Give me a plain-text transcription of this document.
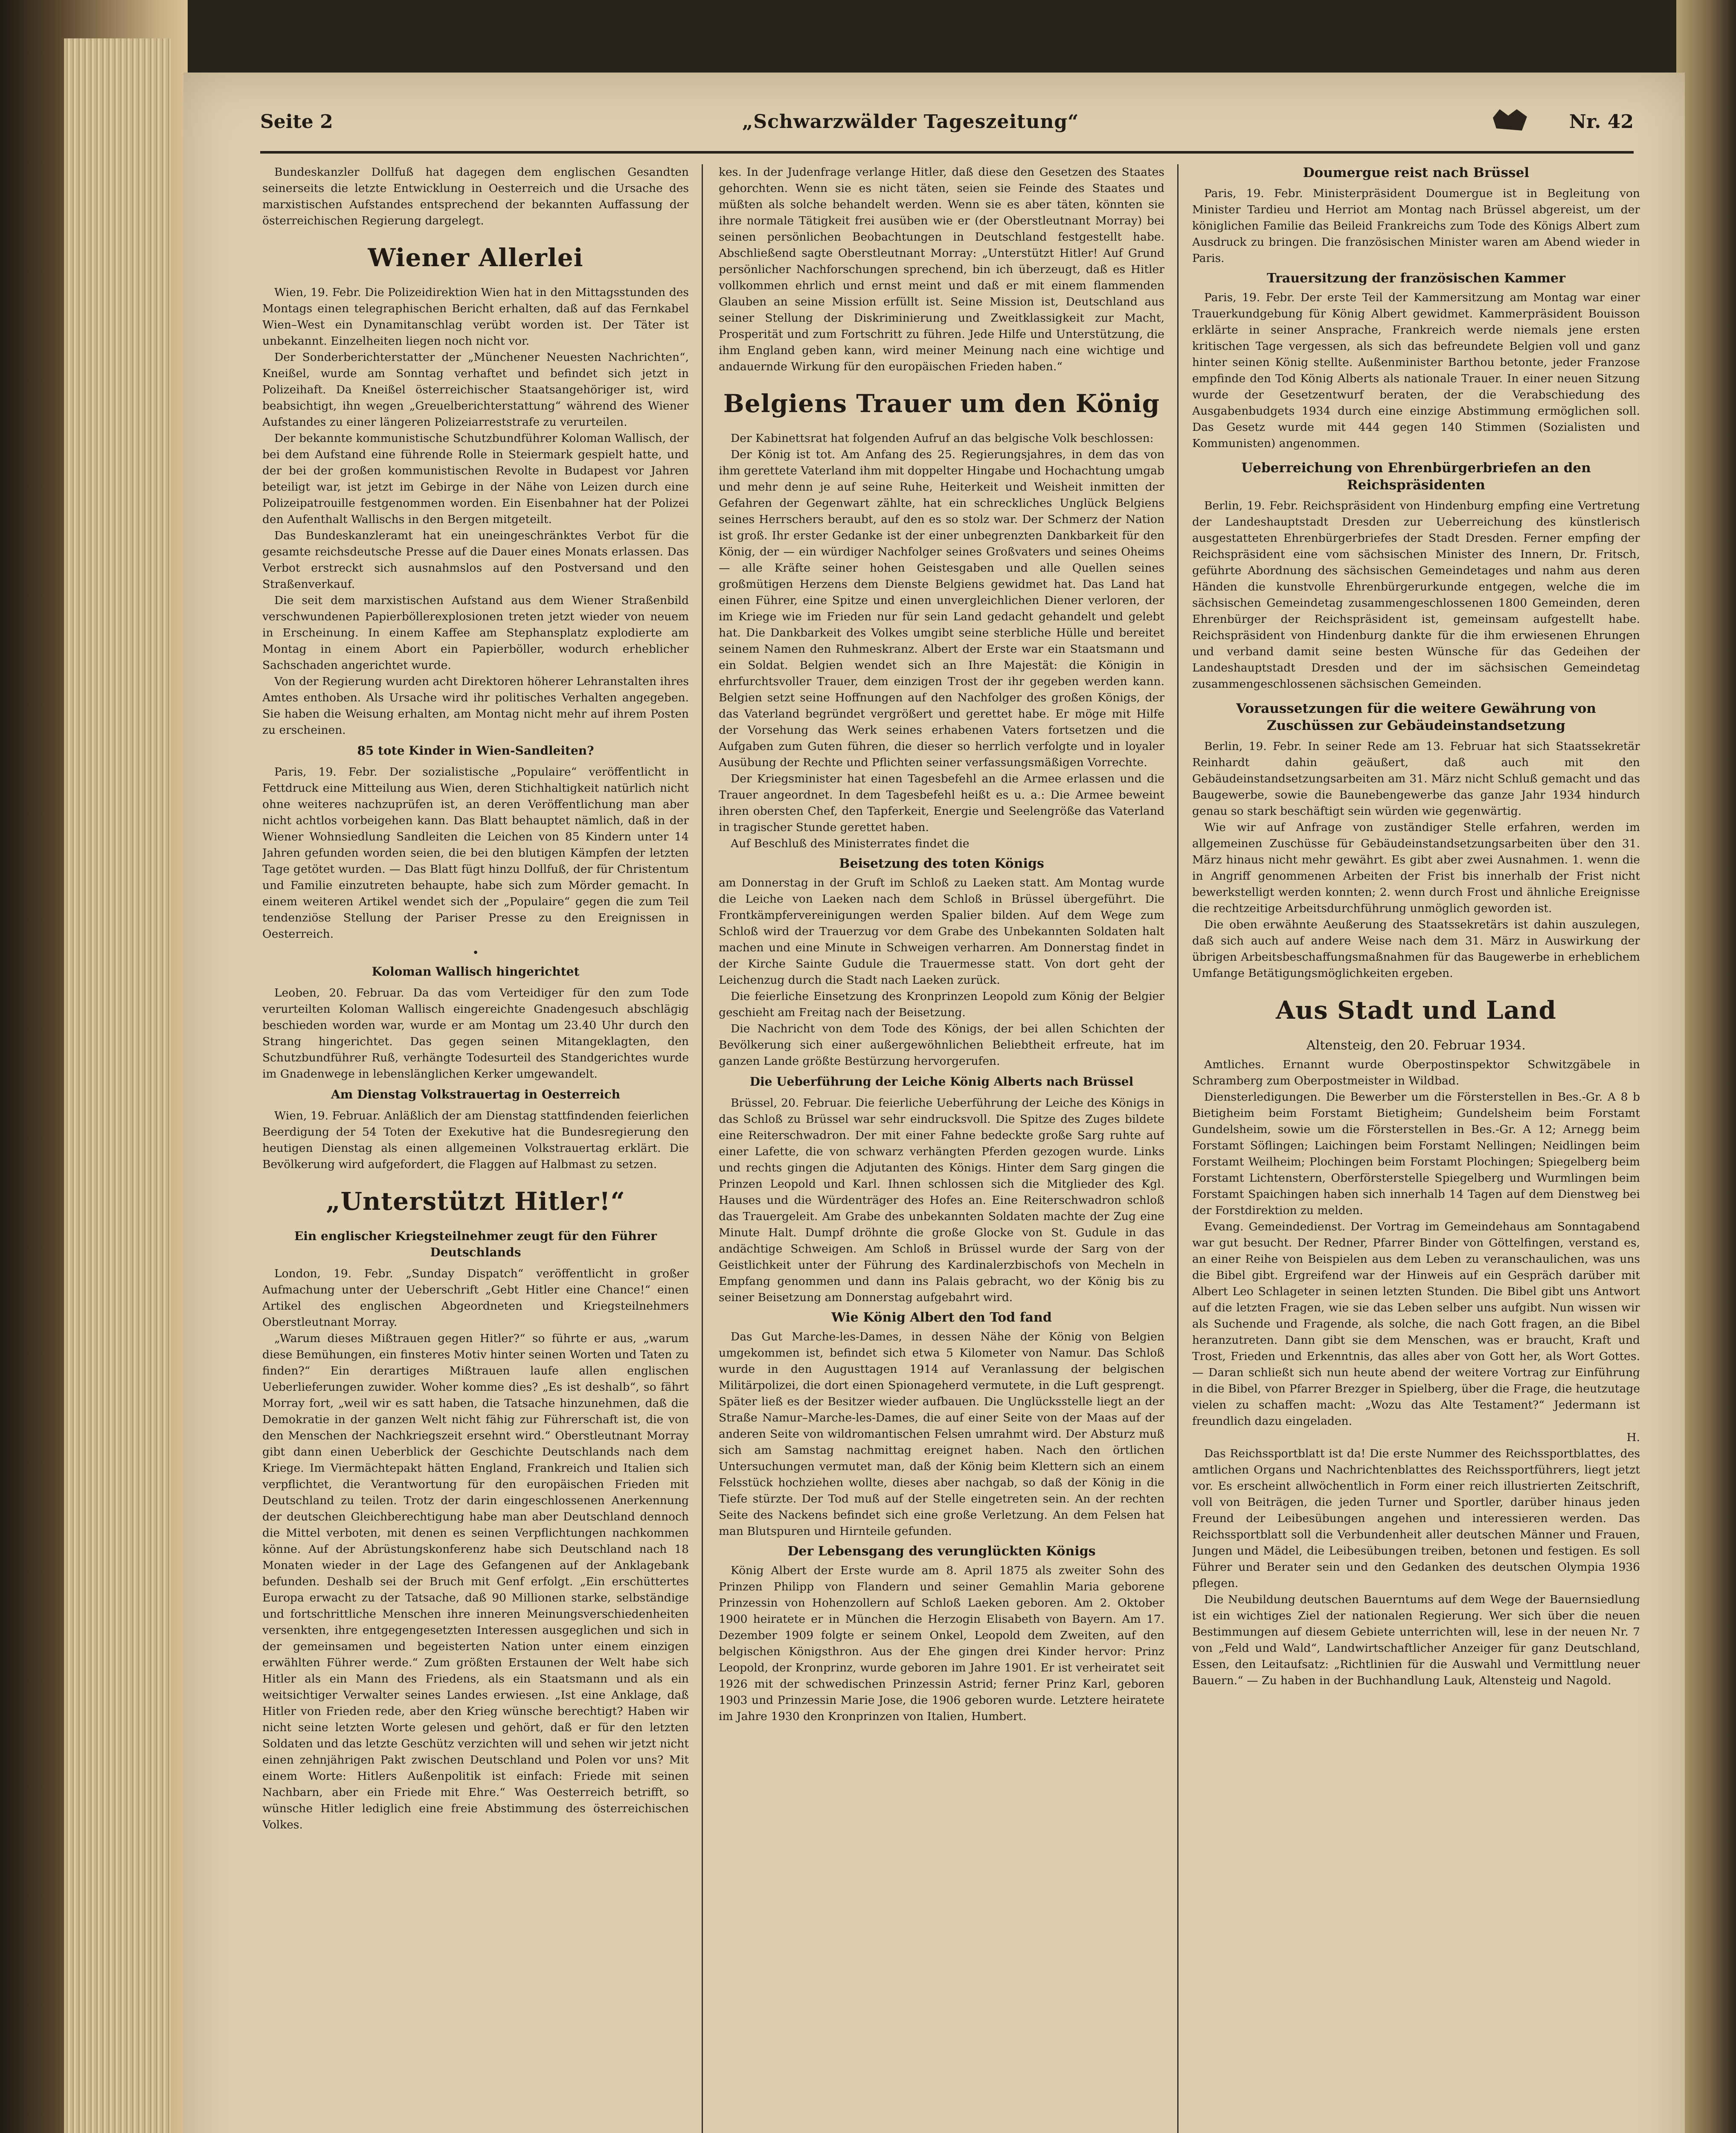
Seite 2	„Schwarzwälder Tageszeitung“	Nr. 42

Bundeskanzler Dollfuß hat dagegen dem englischen Gesandten seinerseits die letzte Entwicklung in Oesterreich und die Ursache des marxistischen Aufstandes entsprechend der bekannten Auffassung der österreichischen Regierung dargelegt.

Wiener Allerlei

Wien, 19. Febr. Die Polizeidirektion Wien hat in den Mittagsstunden des Montags einen telegraphischen Bericht erhalten, daß auf das Fernkabel Wien–West ein Dynamitanschlag verübt worden ist. Der Täter ist unbekannt. Einzelheiten liegen noch nicht vor.

Der Sonderberichterstatter der „Münchener Neuesten Nachrichten“, Kneißel, wurde am Sonntag verhaftet und befindet sich jetzt in Polizeihaft. Da Kneißel österreichischer Staatsangehöriger ist, wird beabsichtigt, ihn wegen „Greuelberichterstattung“ während des Wiener Aufstandes zu einer längeren Polizeiarreststrafe zu verurteilen.

Der bekannte kommunistische Schutzbundführer Koloman Wallisch, der bei dem Aufstand eine führende Rolle in Steiermark gespielt hatte, und der bei der großen kommunistischen Revolte in Budapest vor Jahren beteiligt war, ist jetzt im Gebirge in der Nähe von Leizen durch eine Polizeipatrouille festgenommen worden. Ein Eisenbahner hat der Polizei den Aufenthalt Wallischs in den Bergen mitgeteilt.

Das Bundeskanzleramt hat ein uneingeschränktes Verbot für die gesamte reichsdeutsche Presse auf die Dauer eines Monats erlassen. Das Verbot erstreckt sich ausnahmslos auf den Postversand und den Straßenverkauf.

Die seit dem marxistischen Aufstand aus dem Wiener Straßenbild verschwundenen Papierböllerexplosionen treten jetzt wieder von neuem in Erscheinung. In einem Kaffee am Stephansplatz explodierte am Montag in einem Abort ein Papierböller, wodurch erheblicher Sachschaden angerichtet wurde.

Von der Regierung wurden acht Direktoren höherer Lehranstalten ihres Amtes enthoben. Als Ursache wird ihr politisches Verhalten angegeben. Sie haben die Weisung erhalten, am Montag nicht mehr auf ihrem Posten zu erscheinen.

85 tote Kinder in Wien-Sandleiten?

Paris, 19. Febr. Der sozialistische „Populaire“ veröffentlicht in Fettdruck eine Mitteilung aus Wien, deren Stichhaltigkeit natürlich nicht ohne weiteres nachzuprüfen ist, an deren Veröffentlichung man aber nicht achtlos vorbeigehen kann. Das Blatt behauptet nämlich, daß in der Wiener Wohnsiedlung Sandleiten die Leichen von 85 Kindern unter 14 Jahren gefunden worden seien, die bei den blutigen Kämpfen der letzten Tage getötet wurden. — Das Blatt fügt hinzu Dollfuß, der für Christentum und Familie einzutreten behaupte, habe sich zum Mörder gemacht. In einem weiteren Artikel wendet sich der „Populaire“ gegen die zum Teil tendenziöse Stellung der Pariser Presse zu den Ereignissen in Oesterreich.

•
Koloman Wallisch hingerichtet

Leoben, 20. Februar. Da das vom Verteidiger für den zum Tode verurteilten Koloman Wallisch eingereichte Gnadengesuch abschlägig beschieden worden war, wurde er am Montag um 23.40 Uhr durch den Strang hingerichtet. Das gegen seinen Mitangeklagten, den Schutzbundführer Ruß, verhängte Todesurteil des Standgerichtes wurde im Gnadenwege in lebenslänglichen Kerker umgewandelt.

Am Dienstag Volkstrauertag in Oesterreich

Wien, 19. Februar. Anläßlich der am Dienstag stattfindenden feierlichen Beerdigung der 54 Toten der Exekutive hat die Bundesregierung den heutigen Dienstag als einen allgemeinen Volkstrauertag erklärt. Die Bevölkerung wird aufgefordert, die Flaggen auf Halbmast zu setzen.

„Unterstützt Hitler!“
Ein englischer Kriegsteilnehmer zeugt für den Führer Deutschlands

London, 19. Febr. „Sunday Dispatch“ veröffentlicht in großer Aufmachung unter der Ueberschrift „Gebt Hitler eine Chance!“ einen Artikel des englischen Abgeordneten und Kriegsteilnehmers Oberstleutnant Morray.

„Warum dieses Mißtrauen gegen Hitler?“ so führte er aus, „warum diese Bemühungen, ein finsteres Motiv hinter seinen Worten und Taten zu finden?“ Ein derartiges Mißtrauen laufe allen englischen Ueberlieferungen zuwider. Woher komme dies? „Es ist deshalb“, so fährt Morray fort, „weil wir es satt haben, die Tatsache hinzunehmen, daß die Demokratie in der ganzen Welt nicht fähig zur Führerschaft ist, die von den Menschen der Nachkriegszeit ersehnt wird.“ Oberstleutnant Morray gibt dann einen Ueberblick der Geschichte Deutschlands nach dem Kriege. Im Viermächtepakt hätten England, Frankreich und Italien sich verpflichtet, die Verantwortung für den europäischen Frieden mit Deutschland zu teilen. Trotz der darin eingeschlossenen Anerkennung der deutschen Gleichberechtigung habe man aber Deutschland dennoch die Mittel verboten, mit denen es seinen Verpflichtungen nachkommen könne. Auf der Abrüstungskonferenz habe sich Deutschland nach 18 Monaten wieder in der Lage des Gefangenen auf der Anklagebank befunden. Deshalb sei der Bruch mit Genf erfolgt. „Ein erschüttertes Europa erwacht zu der Tatsache, daß 90 Millionen starke, selbständige und fortschrittliche Menschen ihre inneren Meinungsverschiedenheiten versenkten, ihre entgegengesetzten Interessen ausgeglichen und sich in der gemeinsamen und begeisterten Nation unter einem einzigen erwählten Führer werde.“ Zum größten Erstaunen der Welt habe sich Hitler als ein Mann des Friedens, als ein Staatsmann und als ein weitsichtiger Verwalter seines Landes erwiesen. „Ist eine Anklage, daß Hitler von Frieden rede, aber den Krieg wünsche berechtigt? Haben wir nicht seine letzten Worte gelesen und gehört, daß er für den letzten Soldaten und das letzte Geschütz verzichten will und sehen wir jetzt nicht einen zehnjährigen Pakt zwischen Deutschland und Polen vor uns? Mit einem Worte: Hitlers Außenpolitik ist einfach: Friede mit seinen Nachbarn, aber ein Friede mit Ehre.“ Was Oesterreich betrifft, so wünsche Hitler lediglich eine freie Abstimmung des österreichischen Volkes.

kes. In der Judenfrage verlange Hitler, daß diese den Gesetzen des Staates gehorchten. Wenn sie es nicht täten, seien sie Feinde des Staates und müßten als solche behandelt werden. Wenn sie es aber täten, könnten sie ihre normale Tätigkeit frei ausüben wie er (der Oberstleutnant Morray) bei seinen persönlichen Beobachtungen in Deutschland festgestellt habe. Abschließend sagte Oberstleutnant Morray: „Unterstützt Hitler! Auf Grund persönlicher Nachforschungen sprechend, bin ich überzeugt, daß es Hitler vollkommen ehrlich und ernst meint und daß er mit einem flammenden Glauben an seine Mission erfüllt ist. Seine Mission ist, Deutschland aus seiner Stellung der Diskriminierung und Zweitklassigkeit zur Macht, Prosperität und zum Fortschritt zu führen. Jede Hilfe und Unterstützung, die ihm England geben kann, wird meiner Meinung nach eine wichtige und andauernde Wirkung für den europäischen Frieden haben.“

Belgiens Trauer um den König

Der Kabinettsrat hat folgenden Aufruf an das belgische Volk beschlossen:

Der König ist tot. Am Anfang des 25. Regierungsjahres, in dem das von ihm gerettete Vaterland ihm mit doppelter Hingabe und Hochachtung umgab und mehr denn je auf seine Ruhe, Heiterkeit und Weisheit inmitten der Gefahren der Gegenwart zählte, hat ein schreckliches Unglück Belgiens seines Herrschers beraubt, auf den es so stolz war. Der Schmerz der Nation ist groß. Ihr erster Gedanke ist der einer unbegrenzten Dankbarkeit für den König, der — ein würdiger Nachfolger seines Großvaters und seines Oheims — alle Kräfte seiner hohen Geistesgaben und alle Quellen seines großmütigen Herzens dem Dienste Belgiens gewidmet hat. Das Land hat einen Führer, eine Spitze und einen unvergleichlichen Diener verloren, der im Kriege wie im Frieden nur für sein Land gedacht gehandelt und gelebt hat. Die Dankbarkeit des Volkes umgibt seine sterbliche Hülle und bereitet seinem Namen den Ruhmeskranz. Albert der Erste war ein Staatsmann und ein Soldat. Belgien wendet sich an Ihre Majestät: die Königin in ehrfurchtsvoller Trauer, dem einzigen Trost der ihr gegeben werden kann. Belgien setzt seine Hoffnungen auf den Nachfolger des großen Königs, der das Vaterland begründet vergrößert und gerettet habe. Er möge mit Hilfe der Vorsehung das Werk seines erhabenen Vaters fortsetzen und die Aufgaben zum Guten führen, die dieser so herrlich verfolgte und in loyaler Ausübung der Rechte und Pflichten seiner verfassungsmäßigen Vorrechte.

Der Kriegsminister hat einen Tagesbefehl an die Armee erlassen und die Trauer angeordnet. In dem Tagesbefehl heißt es u. a.: Die Armee beweint ihren obersten Chef, den Tapferkeit, Energie und Seelengröße das Vaterland in tragischer Stunde gerettet haben.

Auf Beschluß des Ministerrates findet die

Beisetzung des toten Königs

am Donnerstag in der Gruft im Schloß zu Laeken statt. Am Montag wurde die Leiche von Laeken nach dem Schloß in Brüssel übergeführt. Die Frontkämpfervereinigungen werden Spalier bilden. Auf dem Wege zum Schloß wird der Trauerzug vor dem Grabe des Unbekannten Soldaten halt machen und eine Minute in Schweigen verharren. Am Donnerstag findet in der Kirche Sainte Gudule die Trauermesse statt. Von dort geht der Leichenzug durch die Stadt nach Laeken zurück.

Die feierliche Einsetzung des Kronprinzen Leopold zum König der Belgier geschieht am Freitag nach der Beisetzung.

Die Nachricht von dem Tode des Königs, der bei allen Schichten der Bevölkerung sich einer außergewöhnlichen Beliebtheit erfreute, hat im ganzen Lande größte Bestürzung hervorgerufen.

Die Ueberführung der Leiche König Alberts nach Brüssel

Brüssel, 20. Februar. Die feierliche Ueberführung der Leiche des Königs in das Schloß zu Brüssel war sehr eindrucksvoll. Die Spitze des Zuges bildete eine Reiterschwadron. Der mit einer Fahne bedeckte große Sarg ruhte auf einer Lafette, die von schwarz verhängten Pferden gezogen wurde. Links und rechts gingen die Adjutanten des Königs. Hinter dem Sarg gingen die Prinzen Leopold und Karl. Ihnen schlossen sich die Mitglieder des Kgl. Hauses und die Würdenträger des Hofes an. Eine Reiterschwadron schloß das Trauergeleit. Am Grabe des unbekannten Soldaten machte der Zug eine Minute Halt. Dumpf dröhnte die große Glocke von St. Gudule in das andächtige Schweigen. Am Schloß in Brüssel wurde der Sarg von der Geistlichkeit unter der Führung des Kardinalerzbischofs von Mecheln in Empfang genommen und dann ins Palais gebracht, wo der König bis zu seiner Beisetzung am Donnerstag aufgebahrt wird.

Wie König Albert den Tod fand

Das Gut Marche-les-Dames, in dessen Nähe der König von Belgien umgekommen ist, befindet sich etwa 5 Kilometer von Namur. Das Schloß wurde in den Augusttagen 1914 auf Veranlassung der belgischen Militärpolizei, die dort einen Spionageherd vermutete, in die Luft gesprengt. Später ließ es der Besitzer wieder aufbauen. Die Unglücksstelle liegt an der Straße Namur–Marche-les-Dames, die auf einer Seite von der Maas auf der anderen Seite von wildromantischen Felsen umrahmt wird. Der Absturz muß sich am Samstag nachmittag ereignet haben. Nach den örtlichen Untersuchungen vermutet man, daß der König beim Klettern sich an einem Felsstück hochziehen wollte, dieses aber nachgab, so daß der König in die Tiefe stürzte. Der Tod muß auf der Stelle eingetreten sein. An der rechten Seite des Nackens befindet sich eine große Verletzung. An dem Felsen hat man Blutspuren und Hirnteile gefunden.

Der Lebensgang des verunglückten Königs

König Albert der Erste wurde am 8. April 1875 als zweiter Sohn des Prinzen Philipp von Flandern und seiner Gemahlin Maria geborene Prinzessin von Hohenzollern auf Schloß Laeken geboren. Am 2. Oktober 1900 heiratete er in München die Herzogin Elisabeth von Bayern. Am 17. Dezember 1909 folgte er seinem Onkel, Leopold dem Zweiten, auf den belgischen Königsthron. Aus der Ehe gingen drei Kinder hervor: Prinz Leopold, der Kronprinz, wurde geboren im Jahre 1901. Er ist verheiratet seit 1926 mit der schwedischen Prinzessin Astrid; ferner Prinz Karl, geboren 1903 und Prinzessin Marie Jose, die 1906 geboren wurde. Letztere heiratete im Jahre 1930 den Kronprinzen von Italien, Humbert.

Doumergue reist nach Brüssel

Paris, 19. Febr. Ministerpräsident Doumergue ist in Begleitung von Minister Tardieu und Herriot am Montag nach Brüssel abgereist, um der königlichen Familie das Beileid Frankreichs zum Tode des Königs Albert zum Ausdruck zu bringen. Die französischen Minister waren am Abend wieder in Paris.

Trauersitzung der französischen Kammer

Paris, 19. Febr. Der erste Teil der Kammersitzung am Montag war einer Trauerkundgebung für König Albert gewidmet. Kammerpräsident Bouisson erklärte in seiner Ansprache, Frankreich werde niemals jene ersten kritischen Tage vergessen, als sich das befreundete Belgien voll und ganz hinter seinen König stellte. Außenminister Barthou betonte, jeder Franzose empfinde den Tod König Alberts als nationale Trauer. In einer neuen Sitzung wurde der Gesetzentwurf beraten, der die Verabschiedung des Ausgabenbudgets 1934 durch eine einzige Abstimmung ermöglichen soll. Das Gesetz wurde mit 444 gegen 140 Stimmen (Sozialisten und Kommunisten) angenommen.

Ueberreichung von Ehrenbürgerbriefen an den Reichspräsidenten

Berlin, 19. Febr. Reichspräsident von Hindenburg empfing eine Vertretung der Landeshauptstadt Dresden zur Ueberreichung des künstlerisch ausgestatteten Ehrenbürgerbriefes der Stadt Dresden. Ferner empfing der Reichspräsident eine vom sächsischen Minister des Innern, Dr. Fritsch, geführte Abordnung des sächsischen Gemeindetages und nahm aus deren Händen die kunstvolle Ehrenbürgerurkunde entgegen, welche die im sächsischen Gemeindetag zusammengeschlossenen 1800 Gemeinden, deren Ehrenbürger der Reichspräsident ist, gemeinsam aufgestellt habe. Reichspräsident von Hindenburg dankte für die ihm erwiesenen Ehrungen und verband damit seine besten Wünsche für das Gedeihen der Landeshauptstadt Dresden und der im sächsischen Gemeindetag zusammengeschlossenen sächsischen Gemeinden.

Voraussetzungen für die weitere Gewährung von Zuschüssen zur Gebäudeinstandsetzung

Berlin, 19. Febr. In seiner Rede am 13. Februar hat sich Staatssekretär Reinhardt dahin geäußert, daß auch mit den Gebäudeinstandsetzungsarbeiten am 31. März nicht Schluß gemacht und das Baugewerbe, sowie die Baunebengewerbe das ganze Jahr 1934 hindurch genau so stark beschäftigt sein würden wie gegenwärtig.

Wie wir auf Anfrage von zuständiger Stelle erfahren, werden im allgemeinen Zuschüsse für Gebäudeinstandsetzungsarbeiten über den 31. März hinaus nicht mehr gewährt. Es gibt aber zwei Ausnahmen. 1. wenn die in Angriff genommenen Arbeiten der Frist bis innerhalb der Frist nicht bewerkstelligt werden konnten; 2. wenn durch Frost und ähnliche Ereignisse die rechtzeitige Arbeitsdurchführung unmöglich geworden ist.

Die oben erwähnte Aeußerung des Staatssekretärs ist dahin auszulegen, daß sich auch auf andere Weise nach dem 31. März in Auswirkung der übrigen Arbeitsbeschaffungsmaßnahmen für das Baugewerbe in erheblichem Umfange Betätigungsmöglichkeiten ergeben.

Aus Stadt und Land
Altensteig, den 20. Februar 1934.

Amtliches. Ernannt wurde Oberpostinspektor Schwitzgäbele in Schramberg zum Oberpostmeister in Wildbad.

Diensterledigungen. Die Bewerber um die Försterstellen in Bes.-Gr. A 8 b Bietigheim beim Forstamt Bietigheim; Gundelsheim beim Forstamt Gundelsheim, sowie um die Försterstellen in Bes.-Gr. A 12; Arnegg beim Forstamt Söflingen; Laichingen beim Forstamt Nellingen; Neidlingen beim Forstamt Weilheim; Plochingen beim Forstamt Plochingen; Spiegelberg beim Forstamt Lichtenstern, Oberförsterstelle Spiegelberg und Wurmlingen beim Forstamt Spaichingen haben sich innerhalb 14 Tagen auf dem Dienstweg bei der Forstdirektion zu melden.

Evang. Gemeindedienst. Der Vortrag im Gemeindehaus am Sonntagabend war gut besucht. Der Redner, Pfarrer Binder von Göttelfingen, verstand es, an einer Reihe von Beispielen aus dem Leben zu veranschaulichen, was uns die Bibel gibt. Ergreifend war der Hinweis auf ein Gespräch darüber mit Albert Leo Schlageter in seinen letzten Stunden. Die Bibel gibt uns Antwort auf die letzten Fragen, wie sie das Leben selber uns aufgibt. Nun wissen wir als Suchende und Fragende, als solche, die nach Gott fragen, an die Bibel heranzutreten. Dann gibt sie dem Menschen, was er braucht, Kraft und Trost, Frieden und Erkenntnis, das alles aber von Gott her, als Wort Gottes. — Daran schließt sich nun heute abend der weitere Vortrag zur Einführung in die Bibel, von Pfarrer Brezger in Spielberg, über die Frage, die heutzutage vielen zu schaffen macht: „Wozu das Alte Testament?“ Jedermann ist freundlich dazu eingeladen.

H.

Das Reichssportblatt ist da! Die erste Nummer des Reichssportblattes, des amtlichen Organs und Nachrichtenblattes des Reichssportführers, liegt jetzt vor. Es erscheint allwöchentlich in Form einer reich illustrierten Zeitschrift, voll von Beiträgen, die jeden Turner und Sportler, darüber hinaus jeden Freund der Leibesübungen angehen und interessieren werden. Das Reichssportblatt soll die Verbundenheit aller deutschen Männer und Frauen, Jungen und Mädel, die Leibesübungen treiben, betonen und festigen. Es soll Führer und Berater sein und den Gedanken des deutschen Olympia 1936 pflegen.

Die Neubildung deutschen Bauerntums auf dem Wege der Bauernsiedlung ist ein wichtiges Ziel der nationalen Regierung. Wer sich über die neuen Bestimmungen auf diesem Gebiete unterrichten will, lese in der neuen Nr. 7 von „Feld und Wald“, Landwirtschaftlicher Anzeiger für ganz Deutschland, Essen, den Leitaufsatz: „Richtlinien für die Auswahl und Vermittlung neuer Bauern.“ — Zu haben in der Buchhandlung Lauk, Altensteig und Nagold.
